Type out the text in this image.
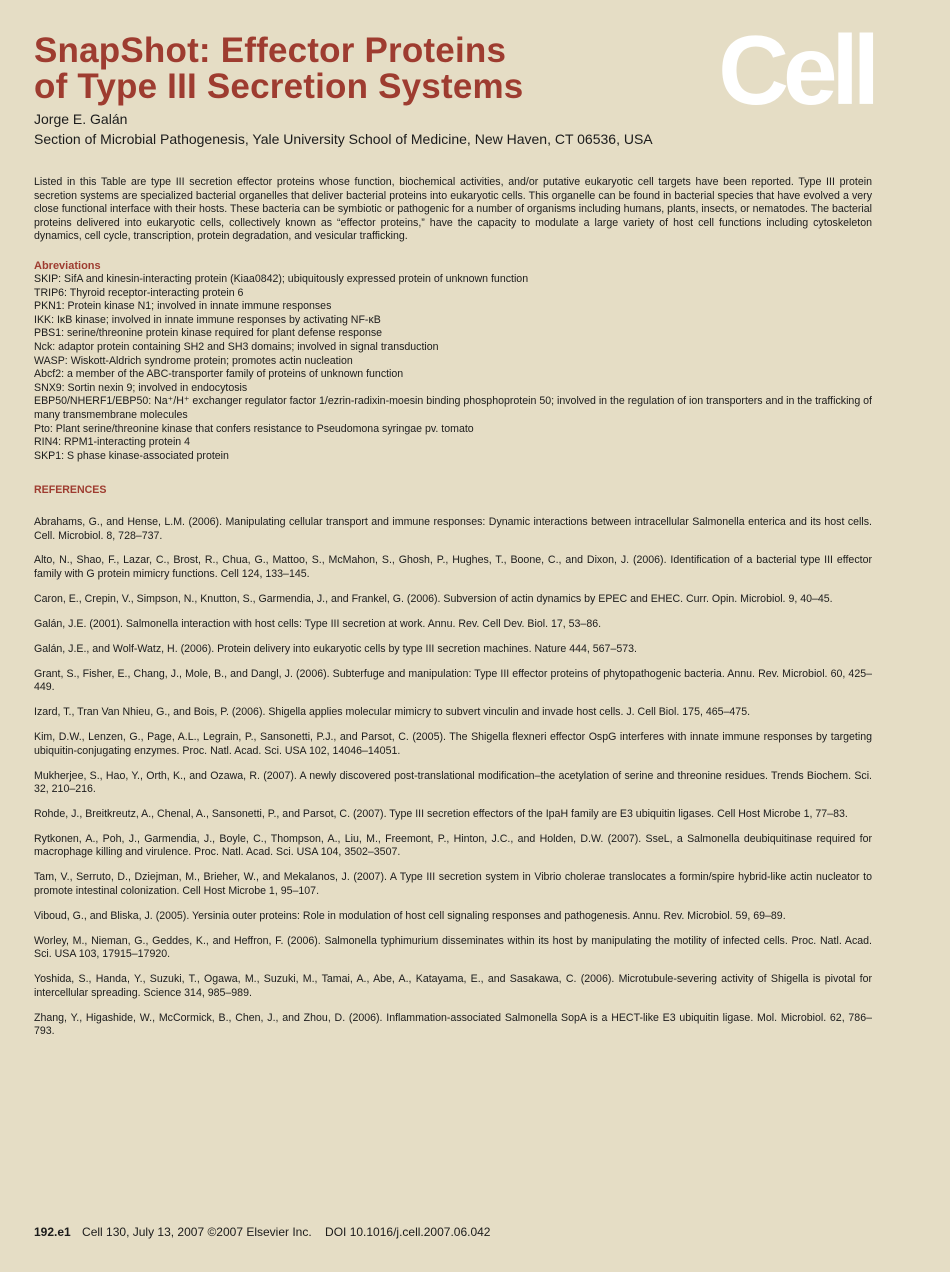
SnapShot: Effector Proteins
of Type III Secretion Systems Cell
Jorge E. Galán
Section of Microbial Pathogenesis, Yale University School of Medicine, New Haven, CT 06536, USA

Listed in this Table are type III secretion effector proteins whose function, biochemical activities, and/or putative eukaryotic cell targets have been reported. Type III protein secretion systems are specialized bacterial organelles that deliver bacterial proteins into eukaryotic cells. This organelle can be found in bacterial species that have evolved a very close functional interface with their hosts. These bacteria can be symbiotic or pathogenic for a number of organisms including humans, plants, insects, or nematodes. The bacterial proteins delivered into eukaryotic cells, collectively known as “effector proteins,” have the capacity to modulate a large variety of host cell functions including cytoskeleton dynamics, cell cycle, transcription, protein degradation, and vesicular trafficking.

Abreviations
SKIP: SifA and kinesin-interacting protein (Kiaa0842); ubiquitously expressed protein of unknown function
TRIP6: Thyroid receptor-interacting protein 6
PKN1: Protein kinase N1; involved in innate immune responses
IKK: IκB kinase; involved in innate immune responses by activating NF-κB
PBS1: serine/threonine protein kinase required for plant defense response
Nck: adaptor protein containing SH2 and SH3 domains; involved in signal transduction
WASP: Wiskott-Aldrich syndrome protein; promotes actin nucleation
Abcf2: a member of the ABC-transporter family of proteins of unknown function
SNX9: Sortin nexin 9; involved in endocytosis
EBP50/NHERF1/EBP50: Na⁺/H⁺ exchanger regulator factor 1/ezrin-radixin-moesin binding phosphoprotein 50; involved in the regulation of ion transporters and in the trafficking of many transmembrane molecules
Pto: Plant serine/threonine kinase that confers resistance to Pseudomona syringae pv. tomato
RIN4: RPM1-interacting protein 4
SKP1: S phase kinase-associated protein
REFERENCES
Abrahams, G., and Hense, L.M. (2006). Manipulating cellular transport and immune responses: Dynamic interactions between intracellular Salmonella enterica and its host cells. Cell. Microbiol. 8, 728–737.
Alto, N., Shao, F., Lazar, C., Brost, R., Chua, G., Mattoo, S., McMahon, S., Ghosh, P., Hughes, T., Boone, C., and Dixon, J. (2006). Identification of a bacterial type III effector family with G protein mimicry functions. Cell 124, 133–145.
Caron, E., Crepin, V., Simpson, N., Knutton, S., Garmendia, J., and Frankel, G. (2006). Subversion of actin dynamics by EPEC and EHEC. Curr. Opin. Microbiol. 9, 40–45.
Galán, J.E. (2001). Salmonella interaction with host cells: Type III secretion at work. Annu. Rev. Cell Dev. Biol. 17, 53–86.
Galán, J.E., and Wolf-Watz, H. (2006). Protein delivery into eukaryotic cells by type III secretion machines. Nature 444, 567–573.
Grant, S., Fisher, E., Chang, J., Mole, B., and Dangl, J. (2006). Subterfuge and manipulation: Type III effector proteins of phytopathogenic bacteria. Annu. Rev. Microbiol. 60, 425–449.
Izard, T., Tran Van Nhieu, G., and Bois, P. (2006). Shigella applies molecular mimicry to subvert vinculin and invade host cells. J. Cell Biol. 175, 465–475.
Kim, D.W., Lenzen, G., Page, A.L., Legrain, P., Sansonetti, P.J., and Parsot, C. (2005). The Shigella flexneri effector OspG interferes with innate immune responses by targeting ubiquitin-conjugating enzymes. Proc. Natl. Acad. Sci. USA 102, 14046–14051.
Mukherjee, S., Hao, Y., Orth, K., and Ozawa, R. (2007). A newly discovered post-translational modification–the acetylation of serine and threonine residues. Trends Biochem. Sci. 32, 210–216.
Rohde, J., Breitkreutz, A., Chenal, A., Sansonetti, P., and Parsot, C. (2007). Type III secretion effectors of the IpaH family are E3 ubiquitin ligases. Cell Host Microbe 1, 77–83.
Rytkonen, A., Poh, J., Garmendia, J., Boyle, C., Thompson, A., Liu, M., Freemont, P., Hinton, J.C., and Holden, D.W. (2007). SseL, a Salmonella deubiquitinase required for macrophage killing and virulence. Proc. Natl. Acad. Sci. USA 104, 3502–3507.
Tam, V., Serruto, D., Dziejman, M., Brieher, W., and Mekalanos, J. (2007). A Type III secretion system in Vibrio cholerae translocates a formin/spire hybrid-like actin nucleator to promote intestinal colonization. Cell Host Microbe 1, 95–107.
Viboud, G., and Bliska, J. (2005). Yersinia outer proteins: Role in modulation of host cell signaling responses and pathogenesis. Annu. Rev. Microbiol. 59, 69–89.
Worley, M., Nieman, G., Geddes, K., and Heffron, F. (2006). Salmonella typhimurium disseminates within its host by manipulating the motility of infected cells. Proc. Natl. Acad. Sci. USA 103, 17915–17920.
Yoshida, S., Handa, Y., Suzuki, T., Ogawa, M., Suzuki, M., Tamai, A., Abe, A., Katayama, E., and Sasakawa, C. (2006). Microtubule-severing activity of Shigella is pivotal for intercellular spreading. Science 314, 985–989.
Zhang, Y., Higashide, W., McCormick, B., Chen, J., and Zhou, D. (2006). Inflammation-associated Salmonella SopA is a HECT-like E3 ubiquitin ligase. Mol. Microbiol. 62, 786–793.
192.e1 Cell 130, July 13, 2007 ©2007 Elsevier Inc. DOI 10.1016/j.cell.2007.06.042
